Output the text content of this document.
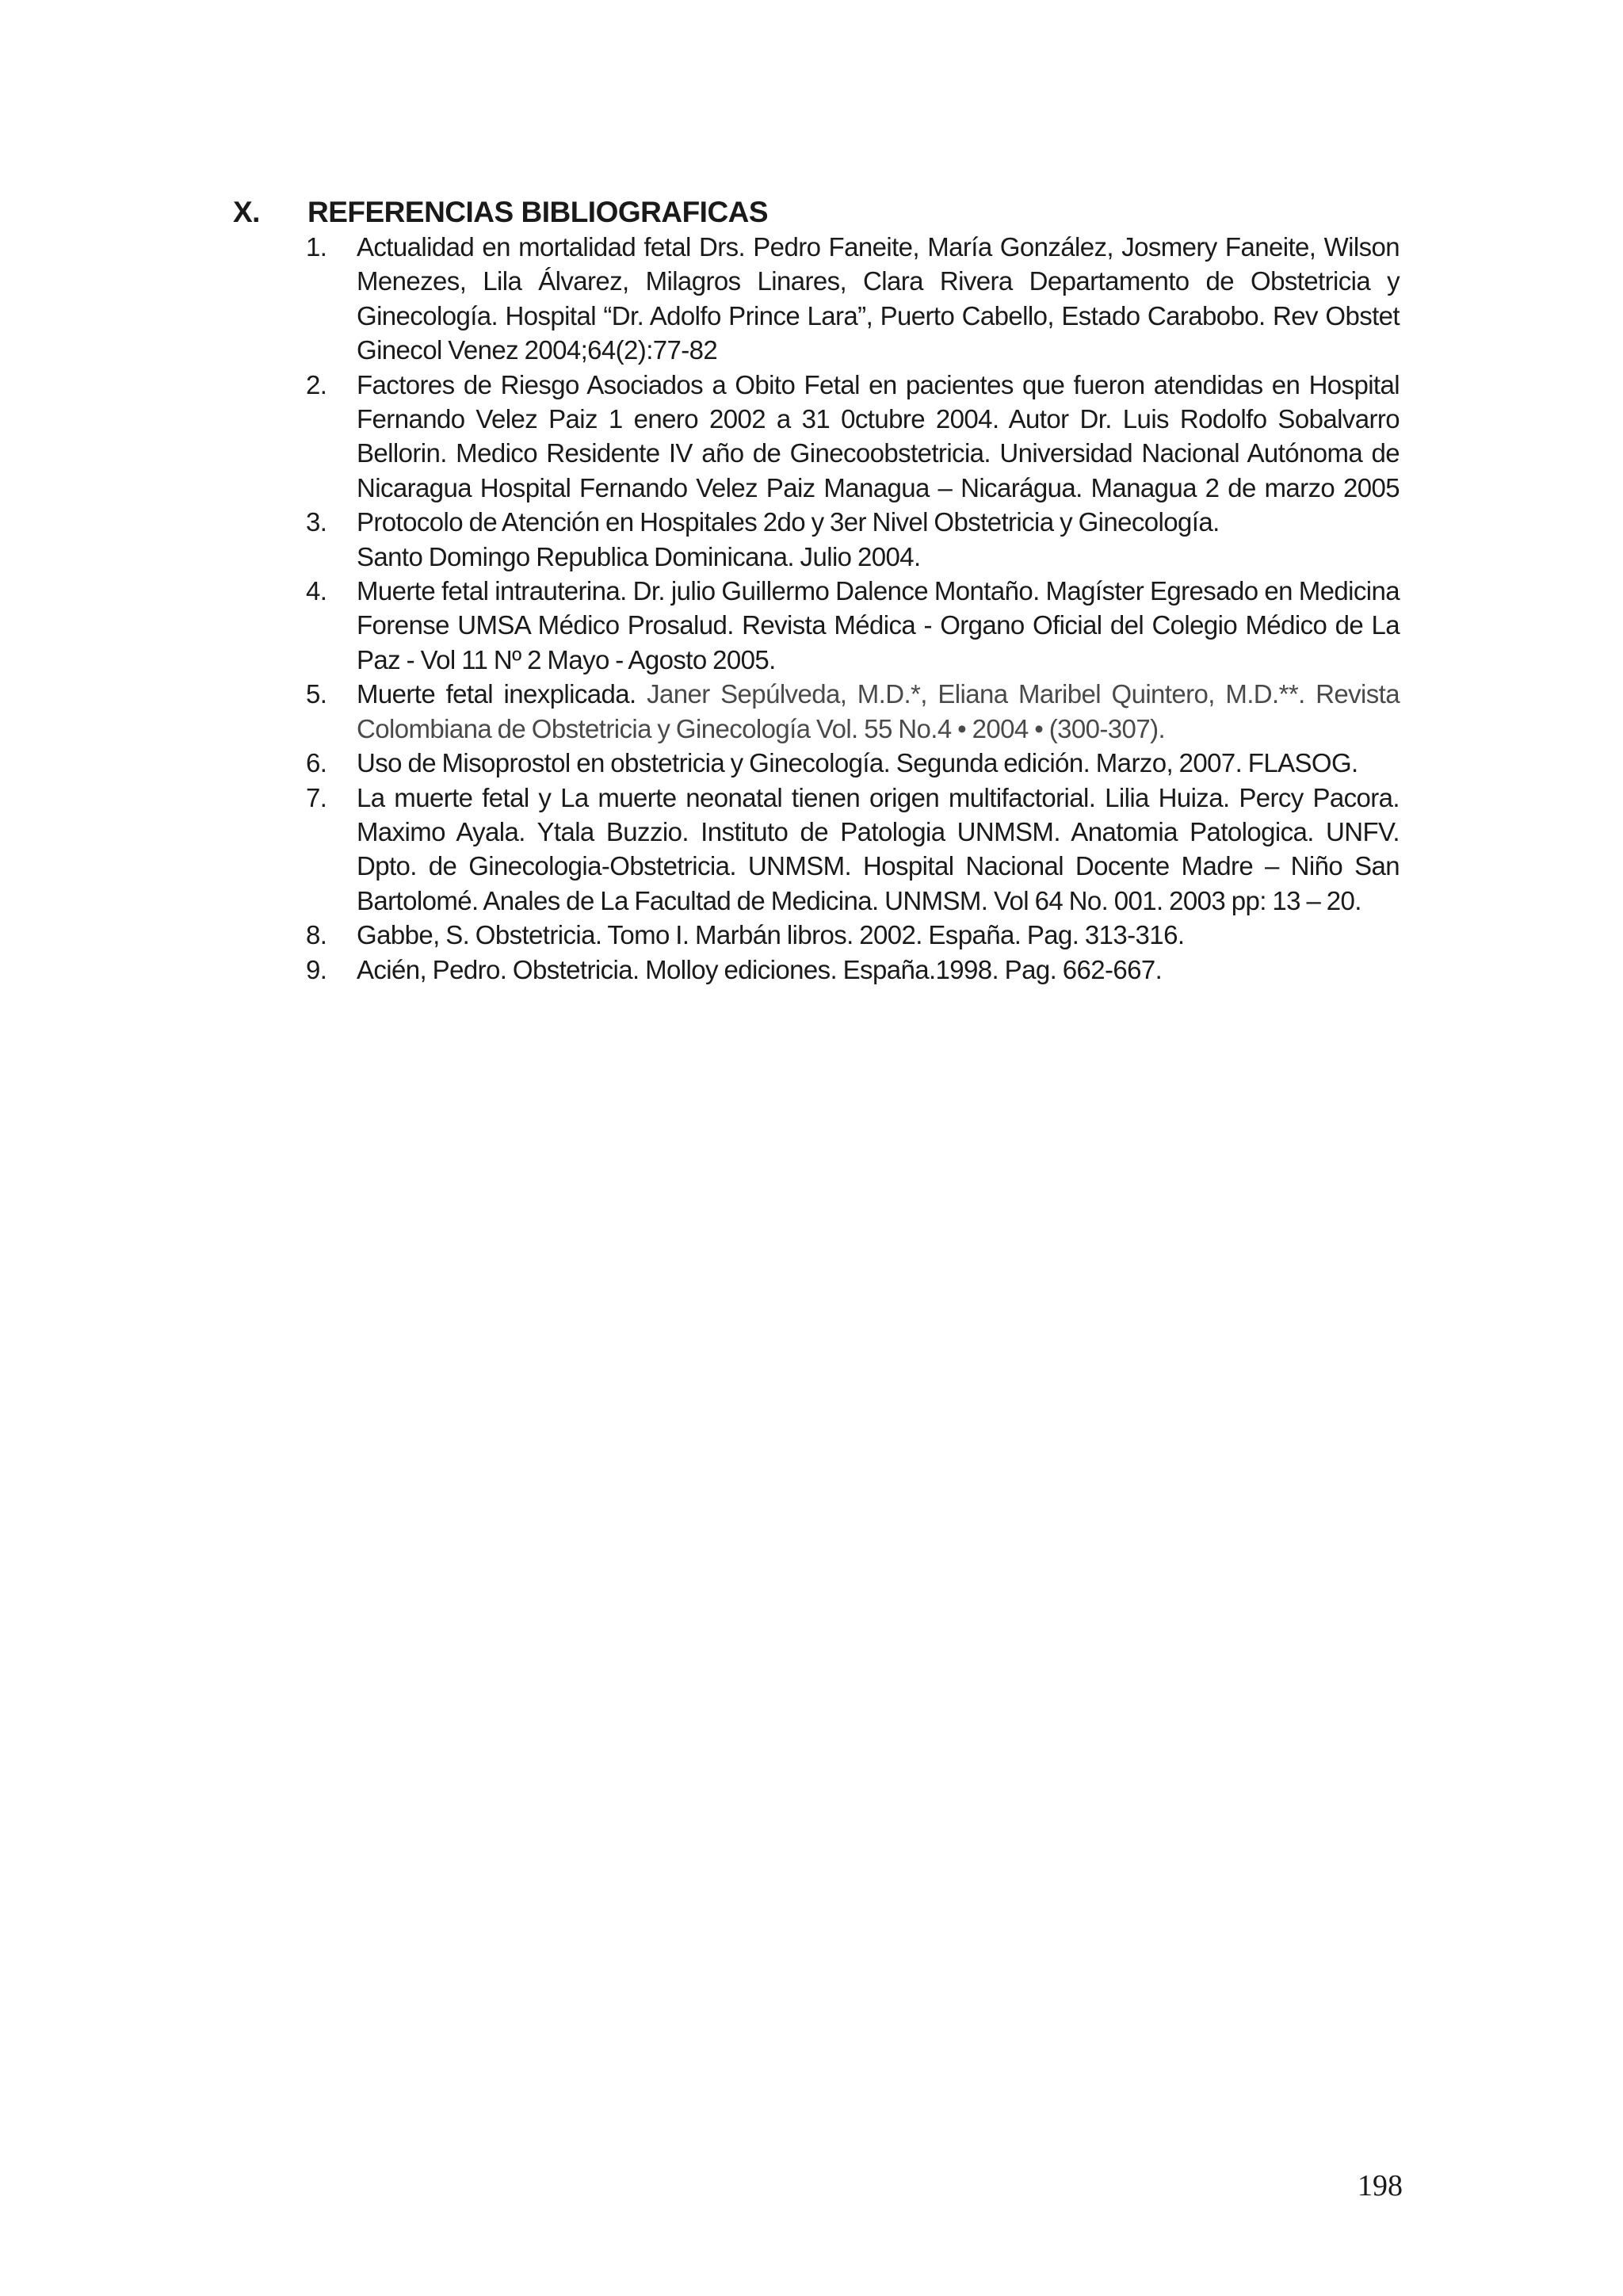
X.	REFERENCIAS BIBLIOGRAFICAS
1. Actualidad en mortalidad fetal Drs. Pedro Faneite, María González, Josmery Faneite, Wilson Menezes, Lila Álvarez, Milagros Linares, Clara Rivera Departamento de Obstetricia y Ginecología. Hospital “Dr. Adolfo Prince Lara”, Puerto Cabello, Estado Carabobo. Rev Obstet Ginecol Venez 2004;64(2):77-82
2. Factores de Riesgo Asociados a Obito Fetal en pacientes que fueron atendidas en Hospital Fernando Velez Paiz 1 enero 2002 a 31 0ctubre 2004. Autor Dr. Luis Rodolfo Sobalvarro Bellorin. Medico Residente IV año de Ginecoobstetricia. Universidad Nacional Autónoma de Nicaragua Hospital Fernando Velez Paiz Managua – Nicarágua. Managua 2 de marzo 2005
3. Protocolo de Atención en Hospitales 2do y 3er Nivel Obstetricia y Ginecología.
Santo Domingo Republica Dominicana. Julio 2004.
4. Muerte fetal intrauterina. Dr. julio Guillermo Dalence Montaño. Magíster Egresado en Medicina Forense UMSA Médico Prosalud. Revista Médica - Organo Oficial del Colegio Médico de La Paz - Vol 11 Nº 2 Mayo - Agosto 2005.
5. Muerte fetal inexplicada. Janer Sepúlveda, M.D.*, Eliana Maribel Quintero, M.D.**. Revista Colombiana de Obstetricia y Ginecología Vol. 55 No.4 • 2004 • (300-307).
6. Uso de Misoprostol en obstetricia y Ginecología. Segunda edición. Marzo, 2007. FLASOG.
7. La muerte fetal y La muerte neonatal tienen origen multifactorial. Lilia Huiza. Percy Pacora. Maximo Ayala. Ytala Buzzio. Instituto de Patologia UNMSM. Anatomia Patologica. UNFV. Dpto. de Ginecologia-Obstetricia. UNMSM. Hospital Nacional Docente Madre – Niño San Bartolomé. Anales de La Facultad de Medicina. UNMSM. Vol 64 No. 001. 2003 pp: 13 – 20.
8. Gabbe, S. Obstetricia. Tomo I. Marbán libros. 2002. España. Pag. 313-316.
9. Acién, Pedro. Obstetricia. Molloy ediciones. España.1998. Pag. 662-667.
198
